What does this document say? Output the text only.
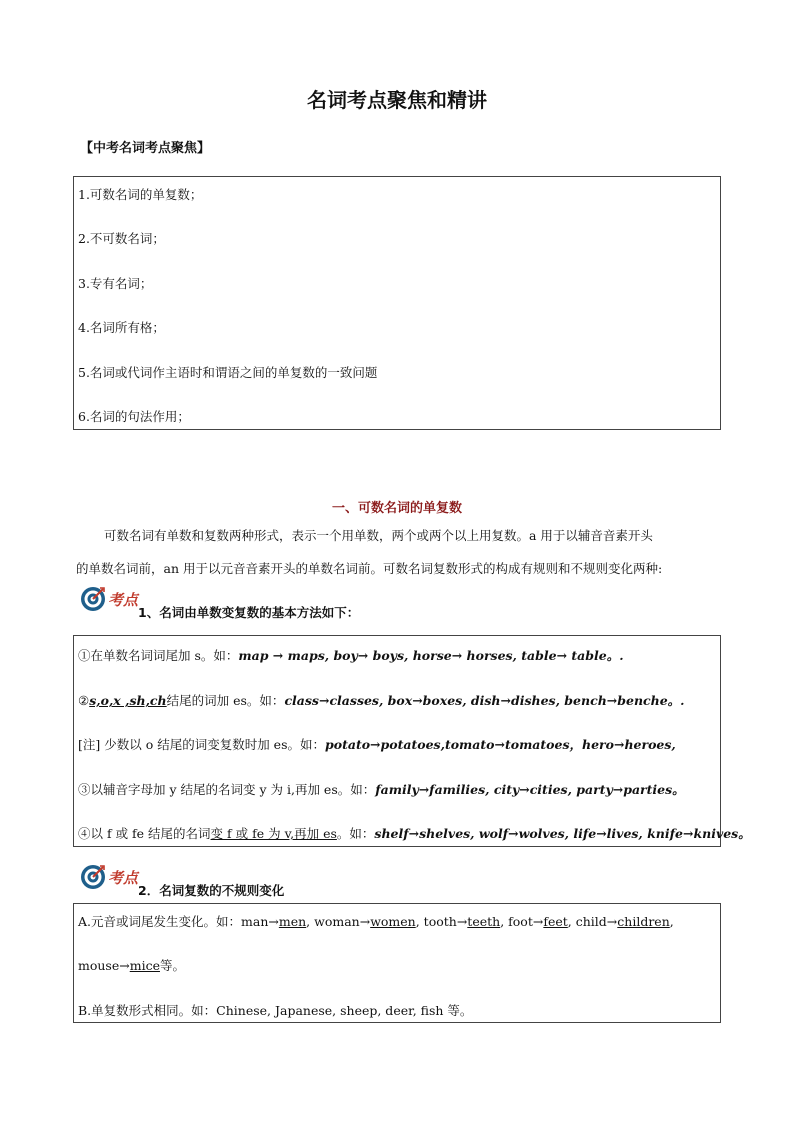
名词考点聚焦和精讲
【中考名词考点聚焦】
1.可数名词的单复数；
2.不可数名词；
3.专有名词；
4.名词所有格；
5.名词或代词作主语时和谓语之间的单复数的一致问题
6.名词的句法作用；
一、可数名词的单复数
可数名词有单数和复数两种形式，表示一个用单数，两个或两个以上用复数。a 用于以辅音音素开头
的单数名词前，an 用于以元音音素开头的单数名词前。可数名词复数形式的构成有规则和不规则变化两种:
考点
1、名词由单数变复数的基本方法如下：
①在单数名词词尾加 s。如：map → maps, boy→ boys, horse→ horses, table→ table。.
②s,o,x ,sh,ch结尾的词加 es。如：class→classes, box→boxes, dish→dishes, bench→benche。.
[注] 少数以 o 结尾的词变复数时加 es。如：potato→potatoes,tomato→tomatoes，hero→heroes,
③以辅音字母加 y 结尾的名词变 y 为 i,再加 es。如：family→families, city→cities, party→parties。
④以 f 或 fe 结尾的名词变 f 或 fe 为 v,再加 es。如：shelf→shelves, wolf→wolves, life→lives, knife→knives。
考点
2．名词复数的不规则变化
A.元音或词尾发生变化。如：man→men, woman→women, tooth→teeth, foot→feet, child→children,
mouse→mice等。
B.单复数形式相同。如：Chinese, Japanese, sheep, deer, fish 等。
